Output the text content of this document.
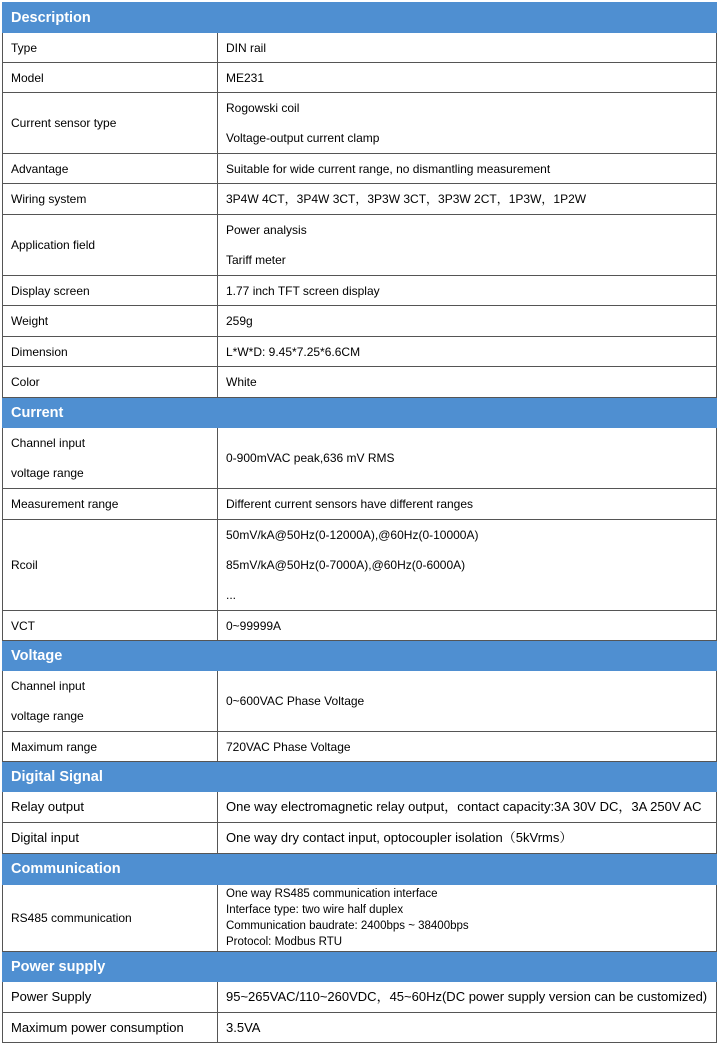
Description	
Type	DIN rail
Model	ME231
Current sensor type	Rogowski coil
Voltage-output current clamp

Advantage	Suitable for wide current range, no dismantling measurement
Wiring system	3P4W 4CT，3P4W 3CT，3P3W 3CT，3P3W 2CT，1P3W，1P2W
Application field	Power analysis
Tariff meter

Display screen	1.77 inch TFT screen display
Weight	259g
Dimension	L*W*D: 9.45*7.25*6.6CM
Color	White
Current	

Channel input
voltage range	0-900mVAC peak,636 mV RMS
Measurement range	Different current sensors have different ranges
Rcoil	50mV/kA@50Hz(0-12000A),@60Hz(0-10000A)
85mV/kA@50Hz(0-7000A),@60Hz(0-6000A)
...

VCT	0~99999A
Voltage	

Channel input
voltage range	0~600VAC Phase Voltage
Maximum range	720VAC Phase Voltage
Digital Signal	
Relay output	One way electromagnetic relay output，contact capacity:3A 30V DC，3A 250V AC
Digital input	One way dry contact input, optocoupler isolation（5kVrms）
Communication	
RS485 communication	One way RS485 communication interface
Interface type: two wire half duplex
Communication baudrate: 2400bps ~ 38400bps
Protocol: Modbus RTU

Power supply	
Power Supply	95~265VAC/110~260VDC，45~60Hz(DC power supply version can be customized)
Maximum power consumption	3.5VA
